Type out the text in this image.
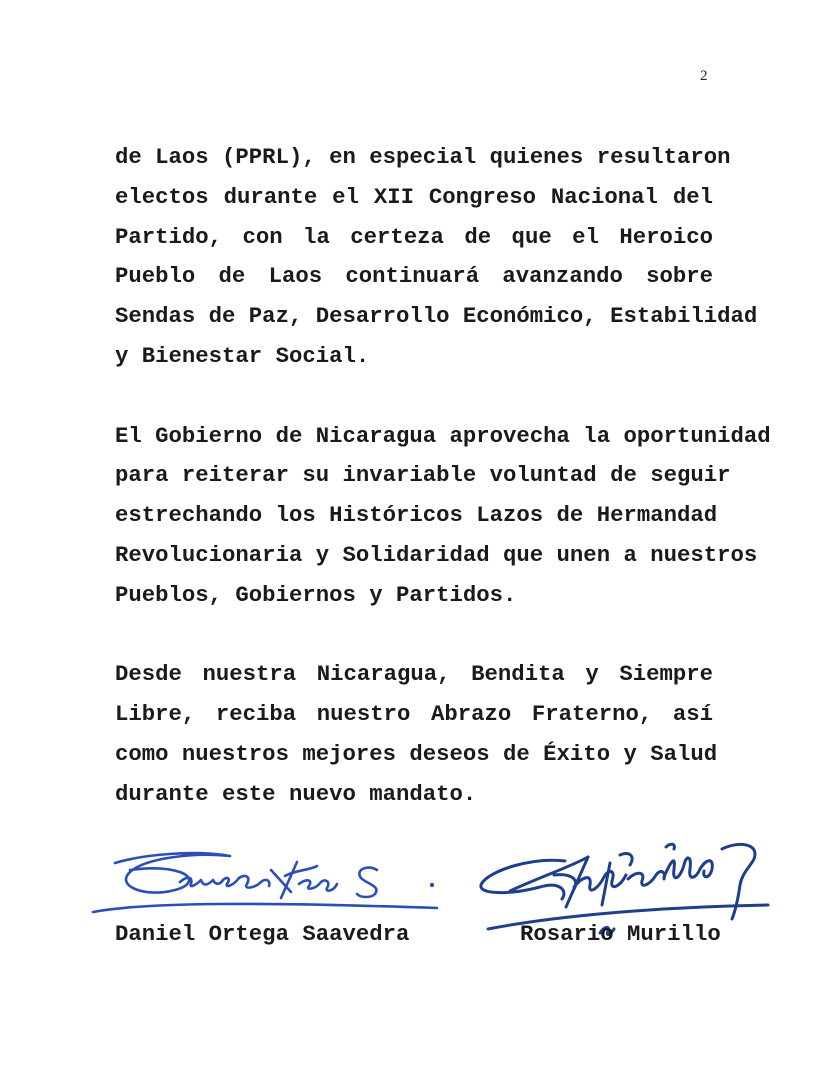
2

de Laos (PPRL), en especial quienes resultaron
electos durante el XII Congreso Nacional del
Partido, con la certeza de que el Heroico
Pueblo de Laos continuará avanzando sobre
Sendas de Paz, Desarrollo Económico, Estabilidad
y Bienestar Social.

El Gobierno de Nicaragua aprovecha la oportunidad
para reiterar su invariable voluntad de seguir
estrechando los Históricos Lazos de Hermandad
Revolucionaria y Solidaridad que unen a nuestros
Pueblos, Gobiernos y Partidos.

Desde nuestra Nicaragua, Bendita y Siempre
Libre, reciba nuestro Abrazo Fraterno, así
como nuestros mejores deseos de Éxito y Salud
durante este nuevo mandato.

Daniel Ortega Saavedra	Rosario Murillo
